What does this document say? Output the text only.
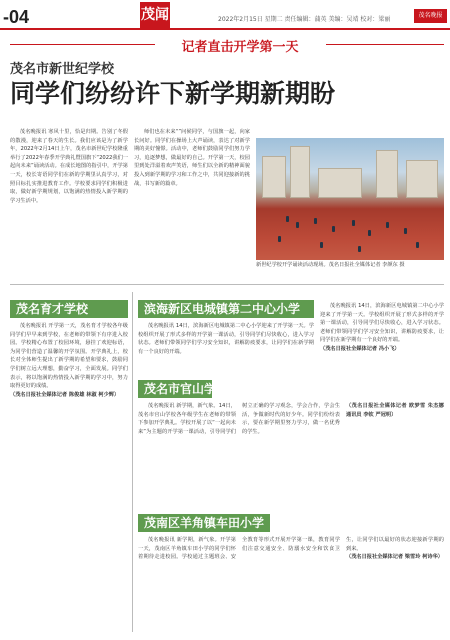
-04	茂闻	2022年2月15日 星期二 责任编辑：蒲英 美编：吴靖 校对：梁丽
茂名晚报
记者直击开学第一天
茂名市新世纪学校
同学们纷纷许下新学期新期盼

茂名晚报讯 寒风十里，恰是归期。告别了冬假的散漫，迎来了春天的生长。我们应该是为了新学年，2022年2月14日上午，茂名市新世纪学校隆重举行了2022年春季开学典礼暨国旗下“2022我们一起向未来”诵读活动。在成长地图的指引中，开学第一天，校长寄语同学们在新的学期里认真学习，对照目标扎实推进教育工作。学校要求同学们积极进取，做好新学期规划，以饱满的热情投入新学期的学习生活中。

师们也在未来“”问候同学，与国旗一起，向家长问好。同学们在操场上大声诵读，表达了对新学期的美好憧憬。活动中，老师们鼓励同学们努力学习，追逐梦想，做最好的自己。开学第一天，校园里到处洋溢着欢声笑语，师生们以全新的精神面貌投入到新学期的学习和工作之中，共同迎接新的挑战，书写新的篇章。

新世纪学校开学诵读活动现场。茂名日报社全媒体记者 李颜东 摄
茂名育才学校

茂名晚报讯 开学第一天，茂名育才学校各年级同学们早早来到学校，在老师的带领下有序进入校园。学校精心布置了校园环境，悬挂了欢迎标语，为同学们营造了温馨的开学氛围。开学典礼上，校长对全体师生提出了新学期的希望和要求，鼓励同学们树立远大理想，勤奋学习，全面发展。同学们表示，将以饱满的热情投入新学期的学习中，努力取得更好的成绩。

（茂名日报社全媒体记者 陈俊雄 林淑 柯少辉）

滨海新区电城镇第二中心小学

茂名晚报讯 14日，滨海新区电城镇第二中心小学迎来了开学第一天。学校组织开展了形式多样的开学第一课活动，引导同学们尽快收心，进入学习状态。老师们带领同学们学习安全知识，讲解防疫要求，让同学们在新学期有一个良好的开端。

茂名晚报讯 14日，滨海新区电城镇第二中心小学迎来了开学第一天。学校组织开展了形式多样的开学第一课活动，引导同学们尽快收心，进入学习状态。老师们带领同学们学习安全知识，讲解防疫要求，让同学们在新学期有一个良好的开端。

（茂名日报社全媒体记者 冯小飞）

茂名市官山学校

茂名晚报讯 新学期，新气象。14日，茂名市官山学校各年级学生在老师的带领下参加开学典礼。学校开展了以“一起向未来”为主题的开学第一课活动，引导同学们树立正确的学习观念，学会合作，学会生活，争做新时代的好少年。同学们纷纷表示，要在新学期里努力学习，做一名优秀的学生。

（茂名日报社全媒体记者 欧梦雪 朱杰娜 通讯员 李钦 严冠明）

茂南区羊角镇车田小学

茂名晚报讯 新学期，新气象。开学第一天，茂南区羊角镇车田小学的同学们怀着期待走进校园。学校通过主题班会、安全教育等形式开展开学第一课，教育同学们注意交通安全、防溺水安全和饮食卫生，让同学们以最好的状态迎接新学期的到来。

（茂名日报社全媒体记者 梁雪玲 柯诗华）
